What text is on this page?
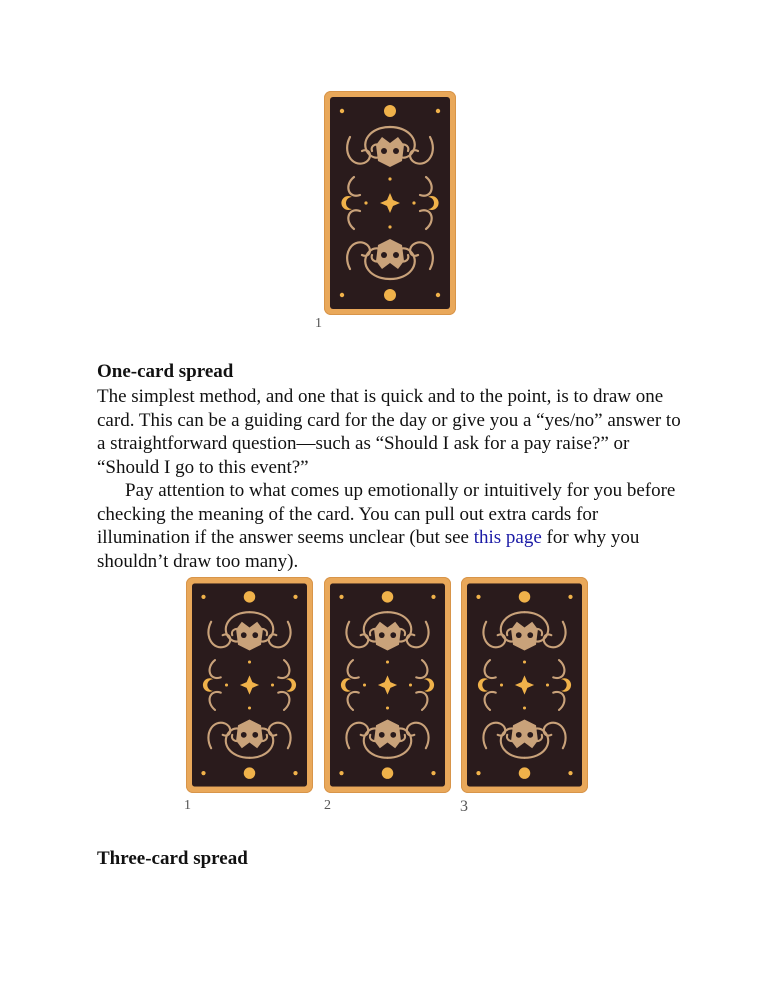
1
One-card spread

The simplest method, and one that is quick and to the point, is to draw one card. This can be a guiding card for the day or give you a “yes/no” answer to a straightforward question—such as “Should I ask for a pay raise?” or “Should I go to this event?”

Pay attention to what comes up emotionally or intuitively for you before checking the meaning of the card. You can pull out extra cards for illumination if the answer seems unclear (but see this page for why you shouldn’t draw too many).

1	2	3
Three-card spread
